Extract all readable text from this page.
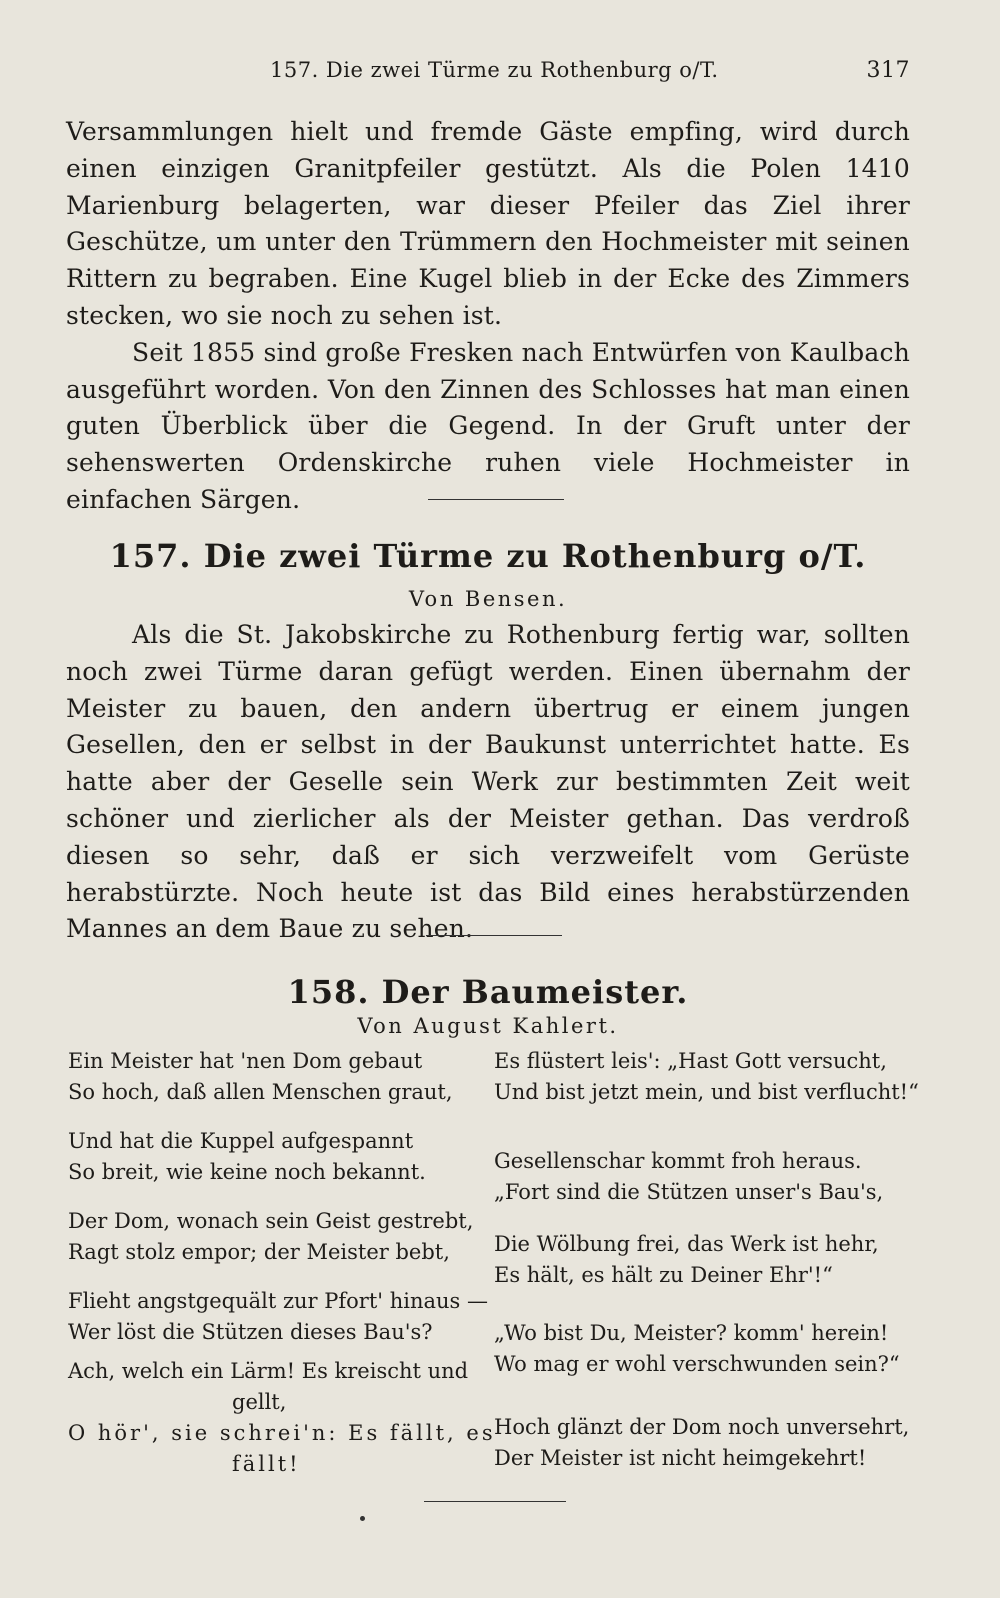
157. Die zwei Türme zu Rothenburg o/T.	317

Versammlungen hielt und fremde Gäste empfing, wird durch einen einzigen Granitpfeiler gestützt. Als die Polen 1410 Marienburg belagerten, war dieser Pfeiler das Ziel ihrer Geschütze, um unter den Trümmern den Hochmeister mit seinen Rittern zu begraben. Eine Kugel blieb in der Ecke des Zimmers stecken, wo sie noch zu sehen ist.

Seit 1855 sind große Fresken nach Entwürfen von Kaulbach ausgeführt worden. Von den Zinnen des Schlosses hat man einen guten Überblick über die Gegend. In der Gruft unter der sehenswerten Ordenskirche ruhen viele Hochmeister in einfachen Särgen.

157. Die zwei Türme zu Rothenburg o/T.
Von Bensen.

Als die St. Jakobskirche zu Rothenburg fertig war, sollten noch zwei Türme daran gefügt werden. Einen übernahm der Meister zu bauen, den andern übertrug er einem jungen Gesellen, den er selbst in der Baukunst unterrichtet hatte. Es hatte aber der Geselle sein Werk zur bestimmten Zeit weit schöner und zierlicher als der Meister gethan. Das verdroß diesen so sehr, daß er sich verzweifelt vom Gerüste herabstürzte. Noch heute ist das Bild eines herabstürzenden Mannes an dem Baue zu sehen.

158. Der Baumeister.
Von August Kahlert.
Ein Meister hat 'nen Dom gebaut
So hoch, daß allen Menschen graut,
Und hat die Kuppel aufgespannt
So breit, wie keine noch bekannt.
Der Dom, wonach sein Geist gestrebt,
Ragt stolz empor; der Meister bebt,
Flieht angstgequält zur Pfort' hinaus —
Wer löst die Stützen dieses Bau's?
Ach, welch ein Lärm! Es kreischt und
gellt,
O hör', sie schrei'n: Es fällt, es
fällt!
Es flüstert leis': „Hast Gott versucht,
Und bist jetzt mein, und bist verflucht!“
Gesellenschar kommt froh heraus.
„Fort sind die Stützen unser's Bau's,
Die Wölbung frei, das Werk ist hehr,
Es hält, es hält zu Deiner Ehr'!“
„Wo bist Du, Meister? komm' herein!
Wo mag er wohl verschwunden sein?“
Hoch glänzt der Dom noch unversehrt,
Der Meister ist nicht heimgekehrt!
